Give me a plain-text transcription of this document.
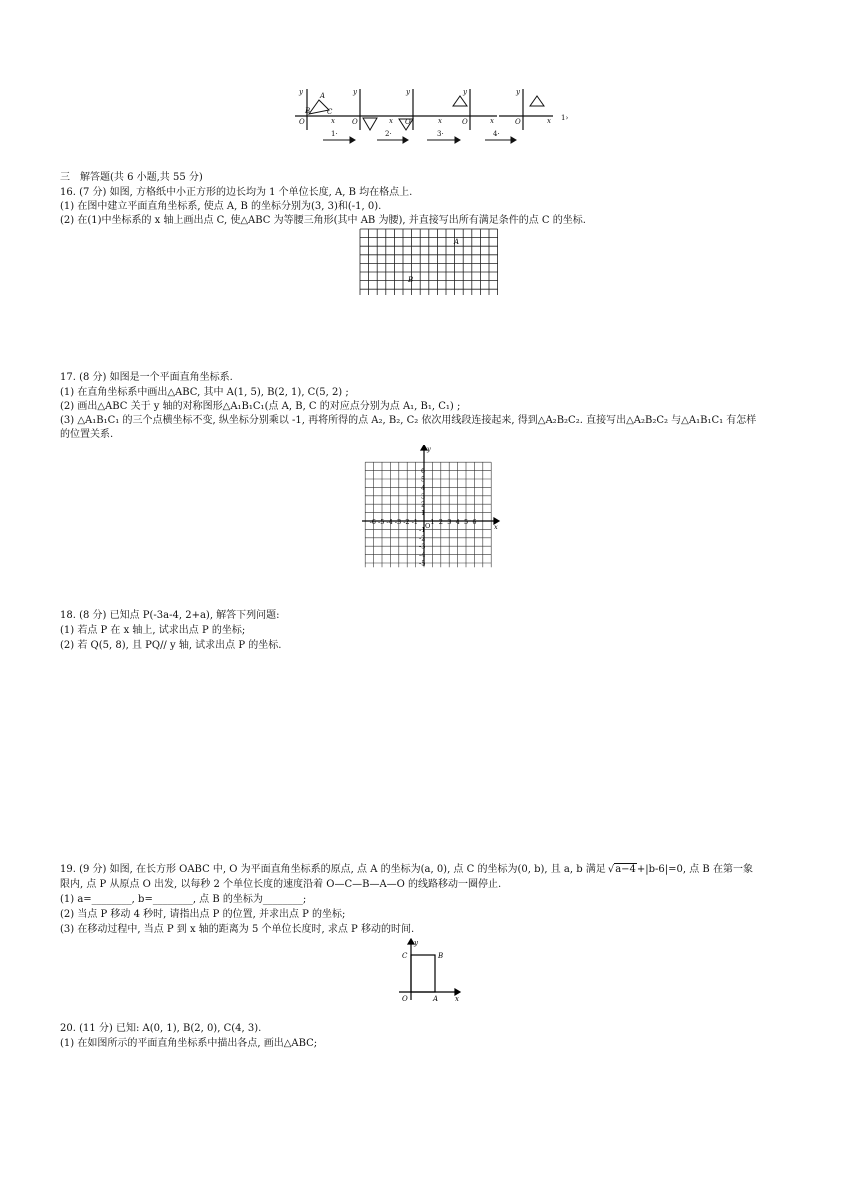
y
x
O
A
B C
y
x
O
y
x
O
y
x
O
y
x
O
1·	2·	3·	4·
1›
三　解答题(共 6 小题,共 55 分)
16. (7 分) 如图, 方格纸中小正方形的边长均为 1 个单位长度, A, B 均在格点上.
(1) 在图中建立平面直角坐标系, 使点 A, B 的坐标分别为(3, 3)和(-1, 0).
(2) 在(1)中坐标系的 x 轴上画出点 C, 使△ABC 为等腰三角形(其中 AB 为腰), 并直接写出所有满足条件的点 C 的坐标.
A
B
17. (8 分) 如图是一个平面直角坐标系.
(1) 在直角坐标系中画出△ABC, 其中 A(1, 5), B(2, 1), C(5, 2) ;
(2) 画出△ABC 关于 y 轴的对称图形△A₁B₁C₁(点 A, B, C 的对应点分别为点 A₁, B₁, C₁) ;
(3) △A₁B₁C₁ 的三个点横坐标不变, 纵坐标分别乘以 -1, 再将所得的点 A₂, B₂, C₂ 依次用线段连接起来, 得到△A₂B₂C₂. 直接写出△A₂B₂C₂ 与△A₁B₁C₁ 有怎样
的位置关系.
x
y
O
-6 -5 -4 -3 -2 -1 1 2 3 4 5 6
6
5
4
3
2
1
-1
-2
-3
-4
-5
18. (8 分) 已知点 P(-3a-4, 2+a), 解答下列问题:
(1) 若点 P 在 x 轴上, 试求出点 P 的坐标;
(2) 若 Q(5, 8), 且 PQ// y 轴, 试求出点 P 的坐标.
19. (9 分) 如图, 在长方形 OABC 中, O 为平面直角坐标系的原点, 点 A 的坐标为(a, 0), 点 C 的坐标为(0, b), 且 a, b 满足 √a−4+|b-6|=0, 点 B 在第一象
限内, 点 P 从原点 O 出发, 以每秒 2 个单位长度的速度沿着 O—C—B—A—O 的线路移动一圈停止.
(1) a=________, b=________, 点 B 的坐标为________;
(2) 当点 P 移动 4 秒时, 请指出点 P 的位置, 并求出点 P 的坐标;
(3) 在移动过程中, 当点 P 到 x 轴的距离为 5 个单位长度时, 求点 P 移动的时间.
y
x
O	A
B
C
20. (11 分) 已知: A(0, 1), B(2, 0), C(4, 3).
(1) 在如图所示的平面直角坐标系中描出各点, 画出△ABC;
